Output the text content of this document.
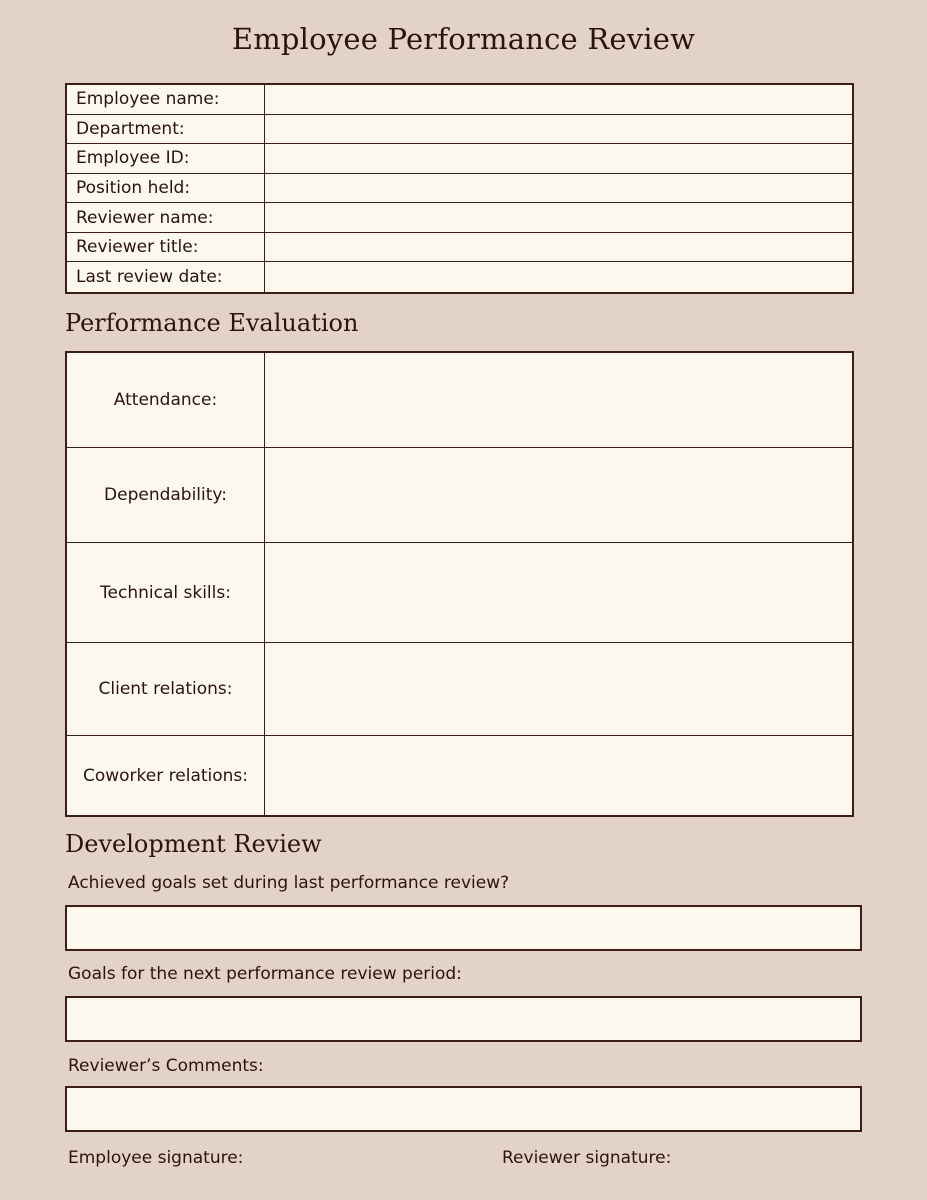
Employee Performance Review
Employee name:
Department:
Employee ID:
Position held:
Reviewer name:
Reviewer title:
Last review date:
Performance Evaluation
Attendance:
Dependability:
Technical skills:
Client relations:
Coworker relations:
Development Review

Achieved goals set during last performance review?

Goals for the next performance review period:

Reviewer’s Comments:

Employee signature:	Reviewer signature:
